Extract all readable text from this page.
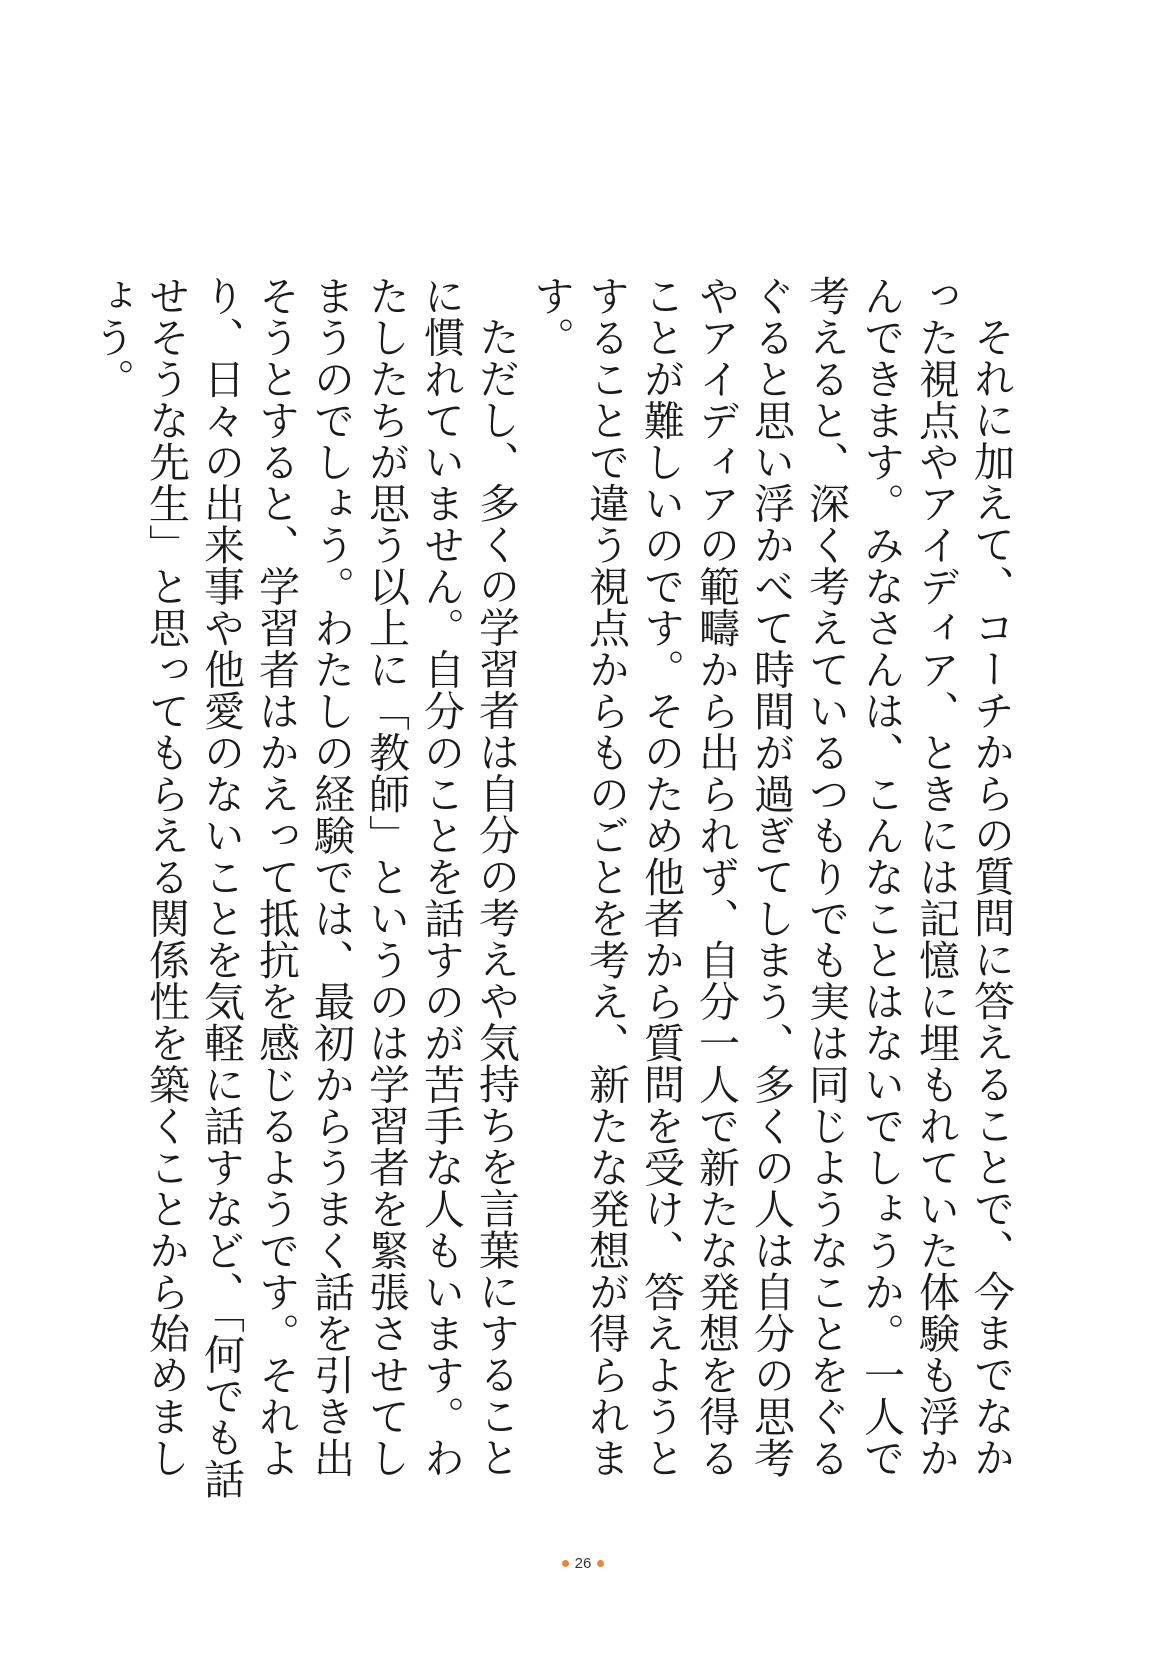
それに加えて、コーチからの質問に答えることで、今までなかった視点やアイディア、ときには記憶に埋もれていた体験も浮かんできます。みなさんは、こんなことはないでしょうか。一人で考えると、深く考えているつもりでも実は同じようなことをぐるぐると思い浮かべて時間が過ぎてしまう、多くの人は自分の思考やアイディアの範疇から出られず、自分一人で新たな発想を得ることが難しいのです。そのため他者から質問を受け、答えようとすることで違う視点からものごとを考え、新たな発想が得られます。

ただし、多くの学習者は自分の考えや気持ちを言葉にすることに慣れていません。自分のことを話すのが苦手な人もいます。わたしたちが思う以上に「教師」というのは学習者を緊張させてしまうのでしょう。わたしの経験では、最初からうまく話を引き出そうとすると、学習者はかえって抵抗を感じるようです。それより、日々の出来事や他愛のないことを気軽に話すなど、「何でも話せそうな先生」と思ってもらえる関係性を築くことから始めましょう。

26
